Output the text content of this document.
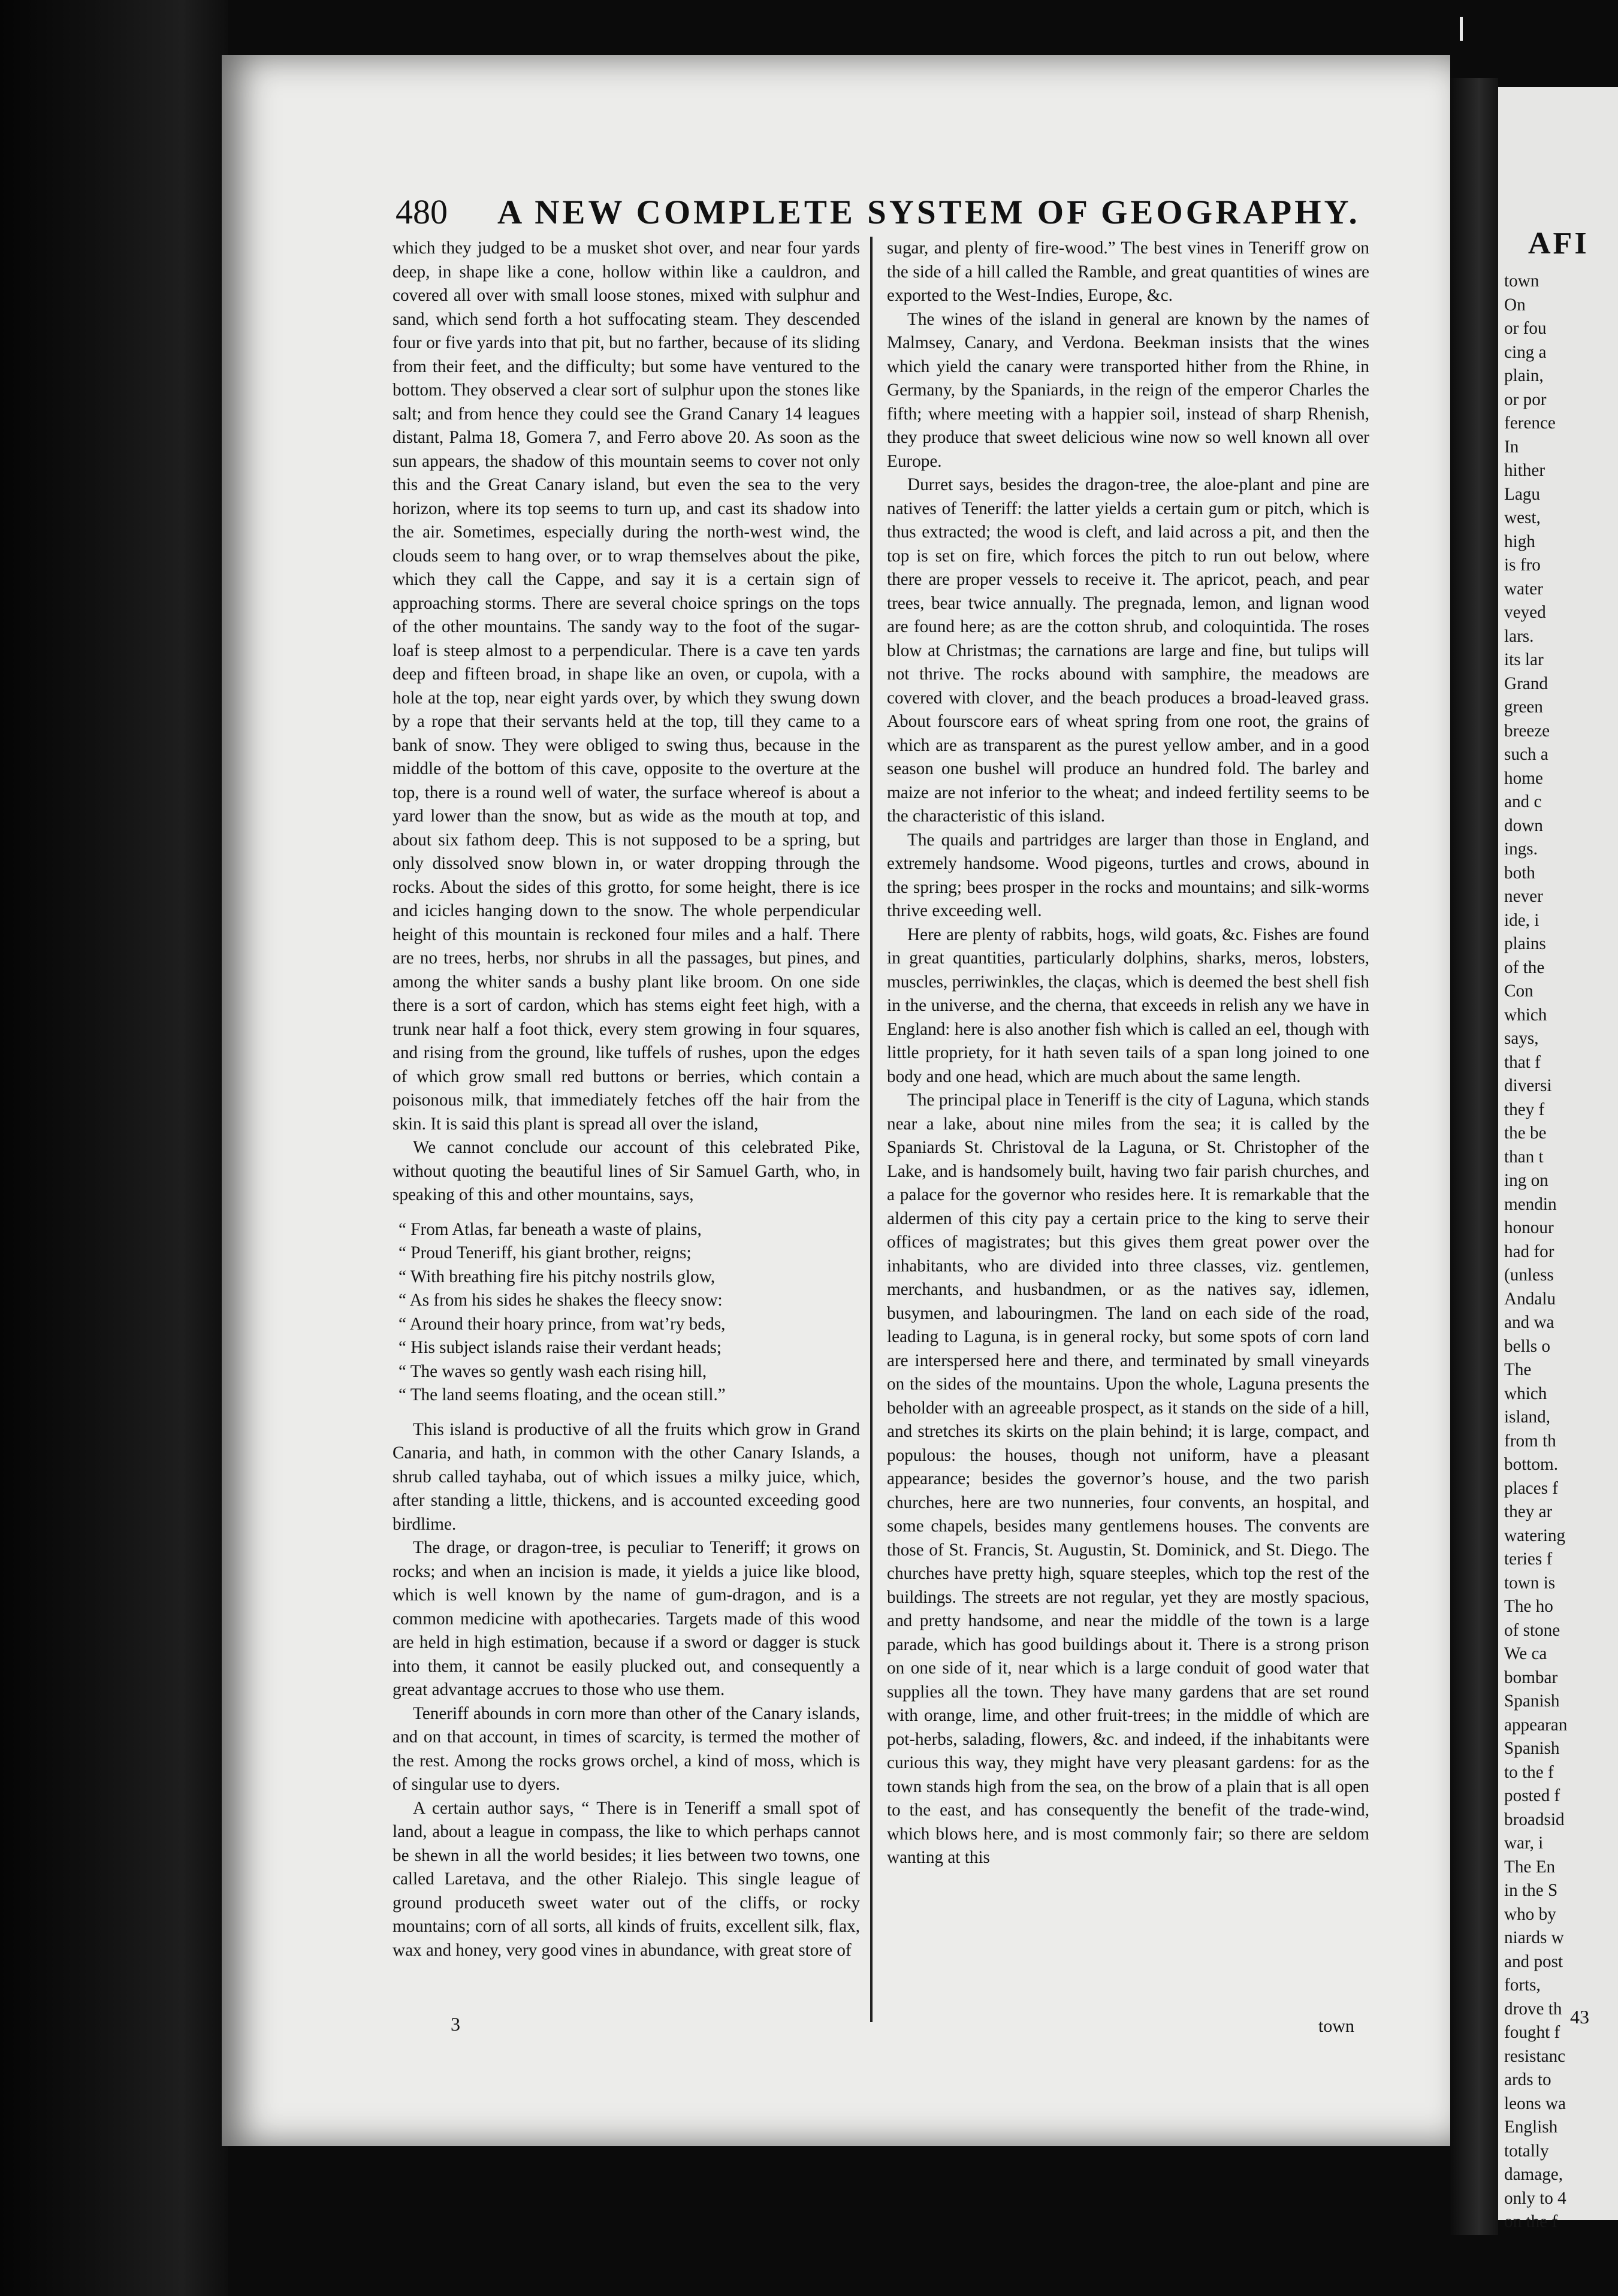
480 A NEW COMPLETE SYSTEM OF GEOGRAPHY.

which they judged to be a musket shot over, and near four yards deep, in shape like a cone, hollow within like a cauldron, and covered all over with small loose stones, mixed with sulphur and sand, which send forth a hot suffocating steam. They descended four or five yards into that pit, but no farther, because of its sliding from their feet, and the difficulty; but some have ventured to the bottom. They observed a clear sort of sulphur upon the stones like salt; and from hence they could see the Grand Canary 14 leagues distant, Palma 18, Gomera 7, and Ferro above 20. As soon as the sun appears, the shadow of this mountain seems to cover not only this and the Great Canary island, but even the sea to the very horizon, where its top seems to turn up, and cast its shadow into the air. Sometimes, especially during the north-west wind, the clouds seem to hang over, or to wrap themselves about the pike, which they call the Cappe, and say it is a certain sign of approaching storms. There are several choice springs on the tops of the other mountains. The sandy way to the foot of the sugar-loaf is steep almost to a perpendicular. There is a cave ten yards deep and fifteen broad, in shape like an oven, or cupola, with a hole at the top, near eight yards over, by which they swung down by a rope that their servants held at the top, till they came to a bank of snow. They were obliged to swing thus, because in the middle of the bottom of this cave, opposite to the overture at the top, there is a round well of water, the surface whereof is about a yard lower than the snow, but as wide as the mouth at top, and about six fathom deep. This is not supposed to be a spring, but only dissolved snow blown in, or water dropping through the rocks. About the sides of this grotto, for some height, there is ice and icicles hanging down to the snow. The whole perpendicular height of this mountain is reckoned four miles and a half. There are no trees, herbs, nor shrubs in all the passages, but pines, and among the whiter sands a bushy plant like broom. On one side there is a sort of cardon, which has stems eight feet high, with a trunk near half a foot thick, every stem growing in four squares, and rising from the ground, like tuffels of rushes, upon the edges of which grow small red buttons or berries, which contain a poisonous milk, that immediately fetches off the hair from the skin. It is said this plant is spread all over the island,

We cannot conclude our account of this celebrated Pike, without quoting the beautiful lines of Sir Samuel Garth, who, in speaking of this and other mountains, says,

“ From Atlas, far beneath a waste of plains,
“ Proud Teneriff, his giant brother, reigns;
“ With breathing fire his pitchy nostrils glow,
“ As from his sides he shakes the fleecy snow:
“ Around their hoary prince, from wat’ry beds,
“ His subject islands raise their verdant heads;
“ The waves so gently wash each rising hill,
“ The land seems floating, and the ocean still.”

This island is productive of all the fruits which grow in Grand Canaria, and hath, in common with the other Canary Islands, a shrub called tayhaba, out of which issues a milky juice, which, after standing a little, thickens, and is accounted exceeding good birdlime.

The drage, or dragon-tree, is peculiar to Teneriff; it grows on rocks; and when an incision is made, it yields a juice like blood, which is well known by the name of gum-dragon, and is a common medicine with apothecaries. Targets made of this wood are held in high estimation, because if a sword or dagger is stuck into them, it cannot be easily plucked out, and consequently a great advantage accrues to those who use them.

Teneriff abounds in corn more than other of the Canary islands, and on that account, in times of scarcity, is termed the mother of the rest. Among the rocks grows orchel, a kind of moss, which is of singular use to dyers.

A certain author says, “ There is in Teneriff a small spot of land, about a league in compass, the like to which perhaps cannot be shewn in all the world besides; it lies between two towns, one called Laretava, and the other Rialejo. This single league of ground produceth sweet water out of the cliffs, or rocky mountains; corn of all sorts, all kinds of fruits, excellent silk, flax, wax and honey, very good vines in abundance, with great store of

sugar, and plenty of fire-wood.” The best vines in Teneriff grow on the side of a hill called the Ramble, and great quantities of wines are exported to the West-Indies, Europe, &c.

The wines of the island in general are known by the names of Malmsey, Canary, and Verdona. Beekman insists that the wines which yield the canary were transported hither from the Rhine, in Germany, by the Spaniards, in the reign of the emperor Charles the fifth; where meeting with a happier soil, instead of sharp Rhenish, they produce that sweet delicious wine now so well known all over Europe.

Durret says, besides the dragon-tree, the aloe-plant and pine are natives of Teneriff: the latter yields a certain gum or pitch, which is thus extracted; the wood is cleft, and laid across a pit, and then the top is set on fire, which forces the pitch to run out below, where there are proper vessels to receive it. The apricot, peach, and pear trees, bear twice annually. The pregnada, lemon, and lignan wood are found here; as are the cotton shrub, and coloquintida. The roses blow at Christmas; the carnations are large and fine, but tulips will not thrive. The rocks abound with samphire, the meadows are covered with clover, and the beach produces a broad-leaved grass. About fourscore ears of wheat spring from one root, the grains of which are as transparent as the purest yellow amber, and in a good season one bushel will produce an hundred fold. The barley and maize are not inferior to the wheat; and indeed fertility seems to be the characteristic of this island.

The quails and partridges are larger than those in England, and extremely handsome. Wood pigeons, turtles and crows, abound in the spring; bees prosper in the rocks and mountains; and silk-worms thrive exceeding well.

Here are plenty of rabbits, hogs, wild goats, &c. Fishes are found in great quantities, particularly dolphins, sharks, meros, lobsters, muscles, perriwinkles, the claças, which is deemed the best shell fish in the universe, and the cherna, that exceeds in relish any we have in England: here is also another fish which is called an eel, though with little propriety, for it hath seven tails of a span long joined to one body and one head, which are much about the same length.

The principal place in Teneriff is the city of Laguna, which stands near a lake, about nine miles from the sea; it is called by the Spaniards St. Christoval de la Laguna, or St. Christopher of the Lake, and is handsomely built, having two fair parish churches, and a palace for the governor who resides here. It is remarkable that the aldermen of this city pay a certain price to the king to serve their offices of magistrates; but this gives them great power over the inhabitants, who are divided into three classes, viz. gentlemen, merchants, and husbandmen, or as the natives say, idlemen, busymen, and labouringmen. The land on each side of the road, leading to Laguna, is in general rocky, but some spots of corn land are interspersed here and there, and terminated by small vineyards on the sides of the mountains. Upon the whole, Laguna presents the beholder with an agreeable prospect, as it stands on the side of a hill, and stretches its skirts on the plain behind; it is large, compact, and populous: the houses, though not uniform, have a pleasant appearance; besides the governor’s house, and the two parish churches, here are two nunneries, four convents, an hospital, and some chapels, besides many gentlemens houses. The convents are those of St. Francis, St. Augustin, St. Dominick, and St. Diego. The churches have pretty high, square steeples, which top the rest of the buildings. The streets are not regular, yet they are mostly spacious, and pretty handsome, and near the middle of the town is a large parade, which has good buildings about it. There is a strong prison on one side of it, near which is a large conduit of good water that supplies all the town. They have many gardens that are set round with orange, lime, and other fruit-trees; in the middle of which are pot-herbs, salading, flowers, &c. and indeed, if the inhabitants were curious this way, they might have very pleasant gardens: for as the town stands high from the sea, on the brow of a plain that is all open to the east, and has consequently the benefit of the trade-wind, which blows here, and is most commonly fair; so there are seldom wanting at this

3	town
AFI
town
On
or fou
cing a
plain,
or por
ference
In
hither
Lagu
west,
high
is fro
water
veyed
lars.
its lar
Grand
green
breeze
such a
home
and c
down
ings.
both
never
ide, i
plains
of the
Con
which
says,
that f
diversi
they f
the be
than t
ing on
mendin
honour
had for
(unless
Andalu
and wa
bells o
The
which
island,
from th
bottom.
places f
they ar
watering
teries f
town is
The ho
of stone
We ca
bombar
Spanish
appearan
Spanish
to the f
posted f
broadsid
war, i
The En
in the S
who by
niards w
and post
forts,
drove th
fought f
resistanc
ards to
leons wa
English
totally
damage,
only to 4
on the f
43
